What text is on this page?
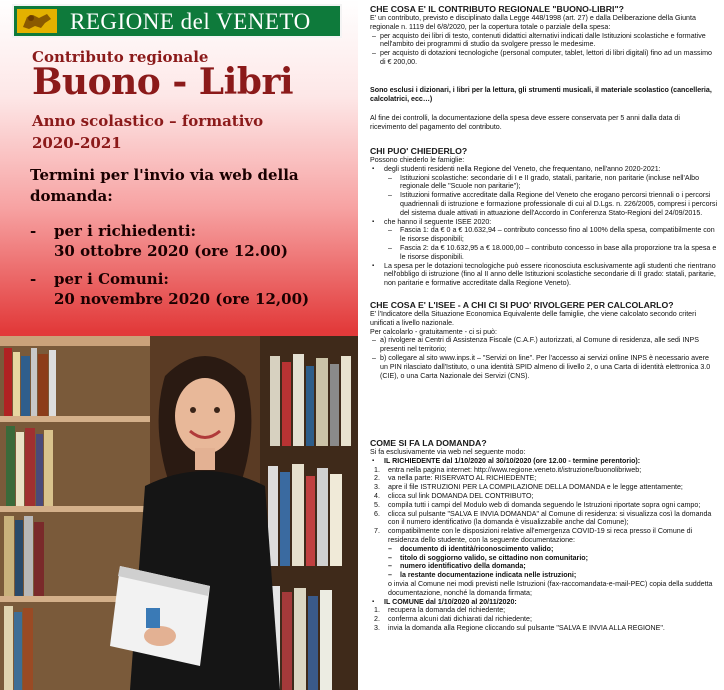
REGIONE del VENETO
Contributo regionale
Buono - Libri
Anno scolastico – formativo
2020-2021
Termini per l'invio via web della
domanda:
- per i richiedenti:
30 ottobre 2020 (ore 12.00)
- per i Comuni:
20 novembre 2020 (ore 12,00)
CHE COSA E' IL CONTRIBUTO REGIONALE "BUONO-LIBRI"?

E' un contributo, previsto e disciplinato dalla Legge 448/1998 (art. 27) e dalla Deliberazione della Giunta regionale n. 1119 del 6/8/2020, per la copertura totale o parziale della spesa:

– per acquisto dei libri di testo, contenuti didattici alternativi indicati dalle Istituzioni scolastiche e formative nell'ambito dei programmi di studio da svolgere presso le medesime.

– per acquisto di dotazioni tecnologiche (personal computer, tablet, lettori di libri digitali) fino ad un massimo di € 200,00.

Sono esclusi i dizionari, i libri per la lettura, gli strumenti musicali, il materiale scolastico (cancelleria, calcolatrici, ecc…)

Al fine dei controlli, la documentazione della spesa deve essere conservata per 5 anni dalla data di ricevimento del pagamento del contributo.

CHI PUO' CHIEDERLO?

Possono chiederlo le famiglie:

▪ degli studenti residenti nella Regione del Veneto, che frequentano, nell'anno 2020-2021:

– Istituzioni scolastiche: secondarie di I e II grado, statali, paritarie, non paritarie (incluse nell'Albo regionale delle "Scuole non paritarie");

– Istituzioni formative accreditate dalla Regione del Veneto che erogano percorsi triennali o i percorsi quadriennali di istruzione e formazione professionale di cui al D.Lgs. n. 226/2005, compresi i percorsi del sistema duale attivati in attuazione dell'Accordo in Conferenza Stato-Regioni del 24/09/2015.

▪ che hanno il seguente ISEE 2020:

– Fascia 1: da € 0 a € 10.632,94 – contributo concesso fino al 100% della spesa, compatibilmente con le risorse disponibili;

– Fascia 2: da € 10.632,95 a € 18.000,00 – contributo concesso in base alla proporzione tra la spesa e le risorse disponibili.

▪ La spesa per le dotazioni tecnologiche può essere riconosciuta esclusivamente agli studenti che rientrano nell'obbligo di istruzione (fino al II anno delle Istituzioni scolastiche secondarie di II grado: statali, paritarie, non paritarie e formative accreditate dalla Regione Veneto).

CHE COSA E' L'ISEE - A CHI CI SI PUO' RIVOLGERE PER CALCOLARLO?

E' l'Indicatore della Situazione Economica Equivalente delle famiglie, che viene calcolato secondo criteri unificati a livello nazionale.

Per calcolarlo - gratuitamente - ci si può:

– a) rivolgere ai Centri di Assistenza Fiscale (C.A.F.) autorizzati, al Comune di residenza, alle sedi INPS presenti nel territorio;

– b) collegare al sito www.inps.it – "Servizi on line". Per l'accesso ai servizi online INPS è necessario avere un PIN rilasciato dall'Istituto, o una identità SPID almeno di livello 2, o una Carta di identità elettronica 3.0 (CIE), o una Carta Nazionale dei Servizi (CNS).

COME SI FA LA DOMANDA?

Si fa esclusivamente via web nel seguente modo:

▪ IL RICHIEDENTE dal 1/10/2020 al 30/10/2020 (ore 12.00 - termine perentorio):

1. entra nella pagina internet: http://www.regione.veneto.it/istruzione/buonolibriweb;

2. va nella parte: RISERVATO AL RICHIEDENTE;

3. apre il file ISTRUZIONI PER LA COMPILAZIONE DELLA DOMANDA e le legge attentamente;

4. clicca sul link DOMANDA DEL CONTRIBUTO;

5. compila tutti i campi del Modulo web di domanda seguendo le Istruzioni riportate sopra ogni campo;

6. clicca sul pulsante "SALVA E INVIA DOMANDA" al Comune di residenza: si visualizza così la domanda con il numero identificativo (la domanda è visualizzabile anche dal Comune);

7. compatibilmente con le disposizioni relative all'emergenza COVID-19 si reca presso il Comune di residenza dello studente, con la seguente documentazione:

– documento di identità/riconoscimento valido;

– titolo di soggiorno valido, se cittadino non comunitario;

– numero identificativo della domanda;

– la restante documentazione indicata nelle istruzioni;

o invia al Comune nei modi previsti nelle Istruzioni (fax-raccomandata-e-mail-PEC) copia della suddetta documentazione, nonché la domanda firmata;

▪ IL COMUNE dal 1/10/2020 al 20/11/2020:

1. recupera la domanda del richiedente;

2. conferma alcuni dati dichiarati dal richiedente;

3. invia la domanda alla Regione cliccando sul pulsante "SALVA E INVIA ALLA REGIONE".
